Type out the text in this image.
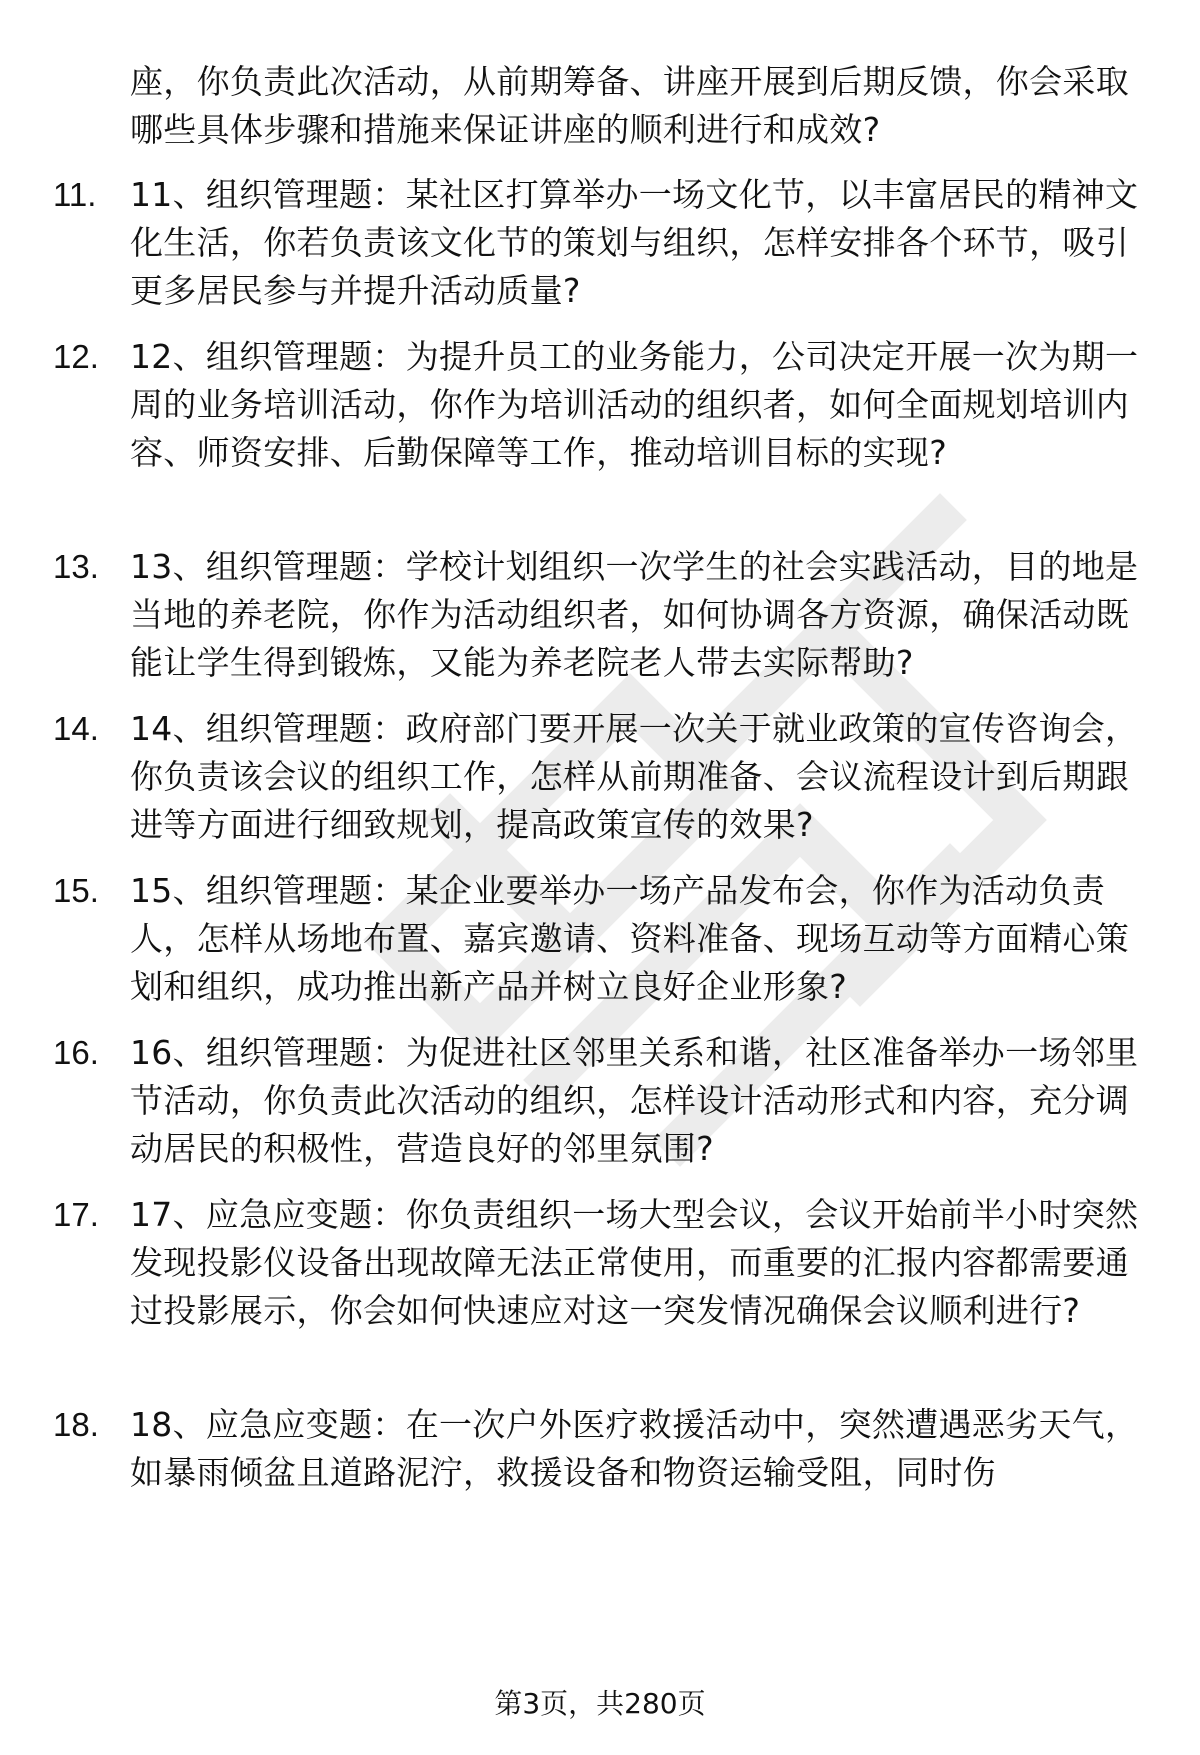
座，你负责此次活动，从前期筹备、讲座开展到后期反馈，你会采取哪些具体步骤和措施来保证讲座的顺利进行和成效?
11. 11、组织管理题：某社区打算举办一场文化节，以丰富居民的精神文化生活，你若负责该文化节的策划与组织，怎样安排各个环节，吸引更多居民参与并提升活动质量?
12. 12、组织管理题：为提升员工的业务能力，公司决定开展一次为期一周的业务培训活动，你作为培训活动的组织者，如何全面规划培训内容、师资安排、后勤保障等工作，推动培训目标的实现?
13. 13、组织管理题：学校计划组织一次学生的社会实践活动，目的地是当地的养老院，你作为活动组织者，如何协调各方资源，确保活动既能让学生得到锻炼，又能为养老院老人带去实际帮助?
14. 14、组织管理题：政府部门要开展一次关于就业政策的宣传咨询会，你负责该会议的组织工作，怎样从前期准备、会议流程设计到后期跟进等方面进行细致规划，提高政策宣传的效果?
15. 15、组织管理题：某企业要举办一场产品发布会，你作为活动负责人，怎样从场地布置、嘉宾邀请、资料准备、现场互动等方面精心策划和组织，成功推出新产品并树立良好企业形象?
16. 16、组织管理题：为促进社区邻里关系和谐，社区准备举办一场邻里节活动，你负责此次活动的组织，怎样设计活动形式和内容，充分调动居民的积极性，营造良好的邻里氛围?
17. 17、应急应变题：你负责组织一场大型会议，会议开始前半小时突然发现投影仪设备出现故障无法正常使用，而重要的汇报内容都需要通过投影展示，你会如何快速应对这一突发情况确保会议顺利进行?
18. 18、应急应变题：在一次户外医疗救援活动中，突然遭遇恶劣天气，如暴雨倾盆且道路泥泞，救援设备和物资运输受阻，同时伤
第3页，共280页
